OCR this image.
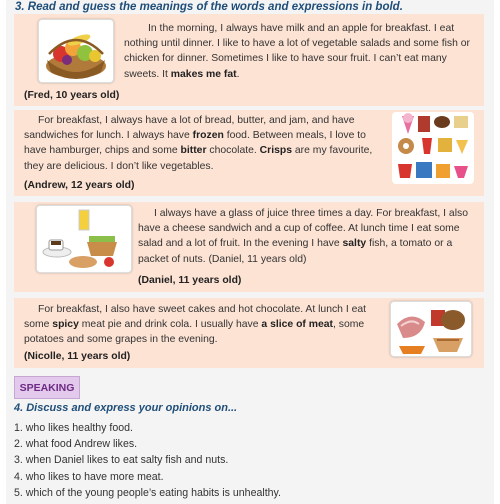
3. Read and guess the meanings of the words and expressions in bold.

In the morning, I always have milk and an apple for breakfast. I eat nothing until dinner. I like to have a lot of vegetable salads and some fish or chicken for dinner. Sometimes I like to have sour fruit. I can’t eat many sweets. It makes me fat.

(Fred, 10 years old)

For breakfast, I always have a lot of bread, butter, and jam, and have sandwiches for lunch. I always have frozen food. Between meals, I love to have hamburger, chips and some bitter chocolate. Crisps are my favourite, they are delicious. I don’t like vegetables.

(Andrew, 12 years old)

I always have a glass of juice three times a day. For breakfast, I also have a cheese sandwich and a cup of coffee. At lunch time I eat some salad and a lot of fruit. In the evening I have salty fish, a tomato or a packet of nuts. (Daniel, 11 years old)

(Daniel, 11 years old)

For breakfast, I also have sweet cakes and hot chocolate. At lunch I eat some spicy meat pie and drink cola. I usually have a slice of meat, some potatoes and some grapes in the evening.

(Nicolle, 11 years old)
SPEAKING
4. Discuss and express your opinions on...
1. who likes healthy food.
2. what food Andrew likes.
3. when Daniel likes to eat salty fish and nuts.
4. who likes to have more meat.
5. which of the young people’s eating habits is unhealthy.
